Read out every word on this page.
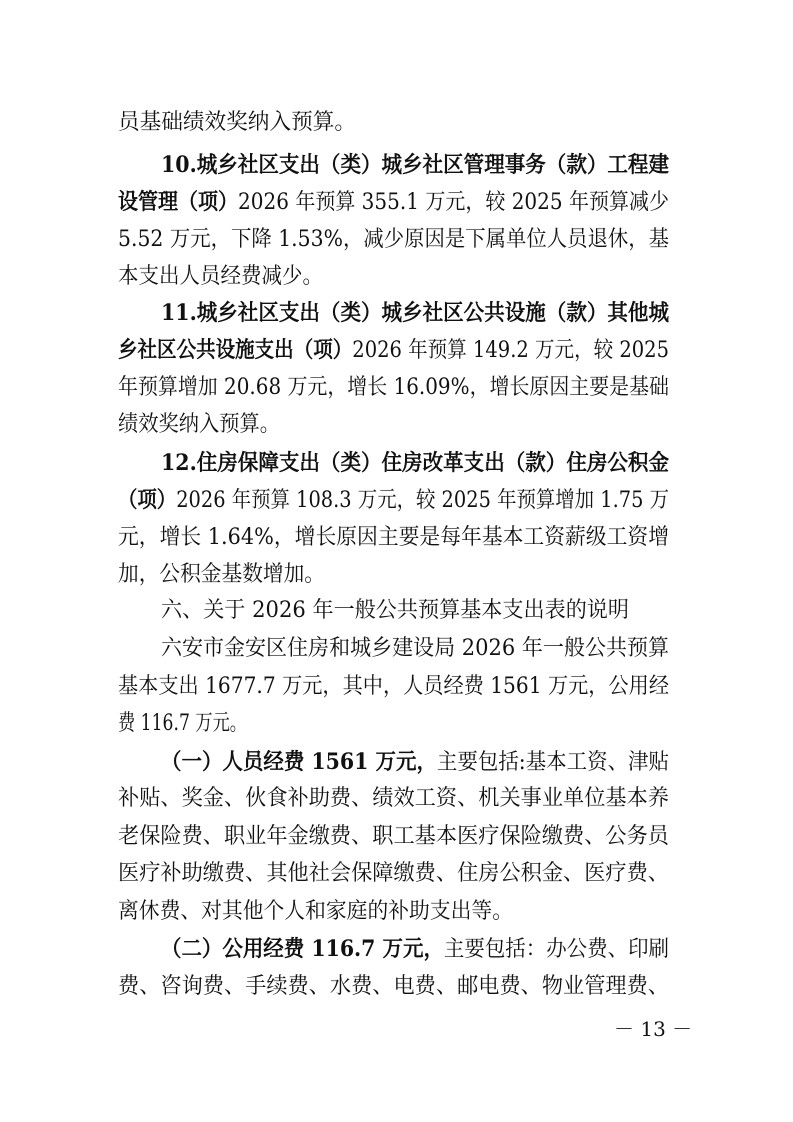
员基础绩效奖纳入预算。
10.城乡社区支出（类）城乡社区管理事务（款）工程建
设管理（项）2026 年预算 355.1 万元，较 2025 年预算减少
5.52 万元，下降 1.53%，减少原因是下属单位人员退休，基
本支出人员经费减少。
11.城乡社区支出（类）城乡社区公共设施（款）其他城
乡社区公共设施支出（项）2026 年预算 149.2 万元，较 2025
年预算增加 20.68 万元，增长 16.09%，增长原因主要是基础
绩效奖纳入预算。
12.住房保障支出（类）住房改革支出（款）住房公积金
（项）2026 年预算 108.3 万元，较 2025 年预算增加 1.75 万
元，增长 1.64%，增长原因主要是每年基本工资薪级工资增
加，公积金基数增加。
六、关于 2026 年一般公共预算基本支出表的说明
六安市金安区住房和城乡建设局 2026 年一般公共预算
基本支出 1677.7 万元，其中，人员经费 1561 万元，公用经
费 116.7 万元。
（一）人员经费 1561 万元，主要包括:基本工资、津贴
补贴、奖金、伙食补助费、绩效工资、机关事业单位基本养
老保险费、职业年金缴费、职工基本医疗保险缴费、公务员
医疗补助缴费、其他社会保障缴费、住房公积金、医疗费、
离休费、对其他个人和家庭的补助支出等。
（二）公用经费 116.7 万元，主要包括：办公费、印刷
费、咨询费、手续费、水费、电费、邮电费、物业管理费、
－ 13 －
